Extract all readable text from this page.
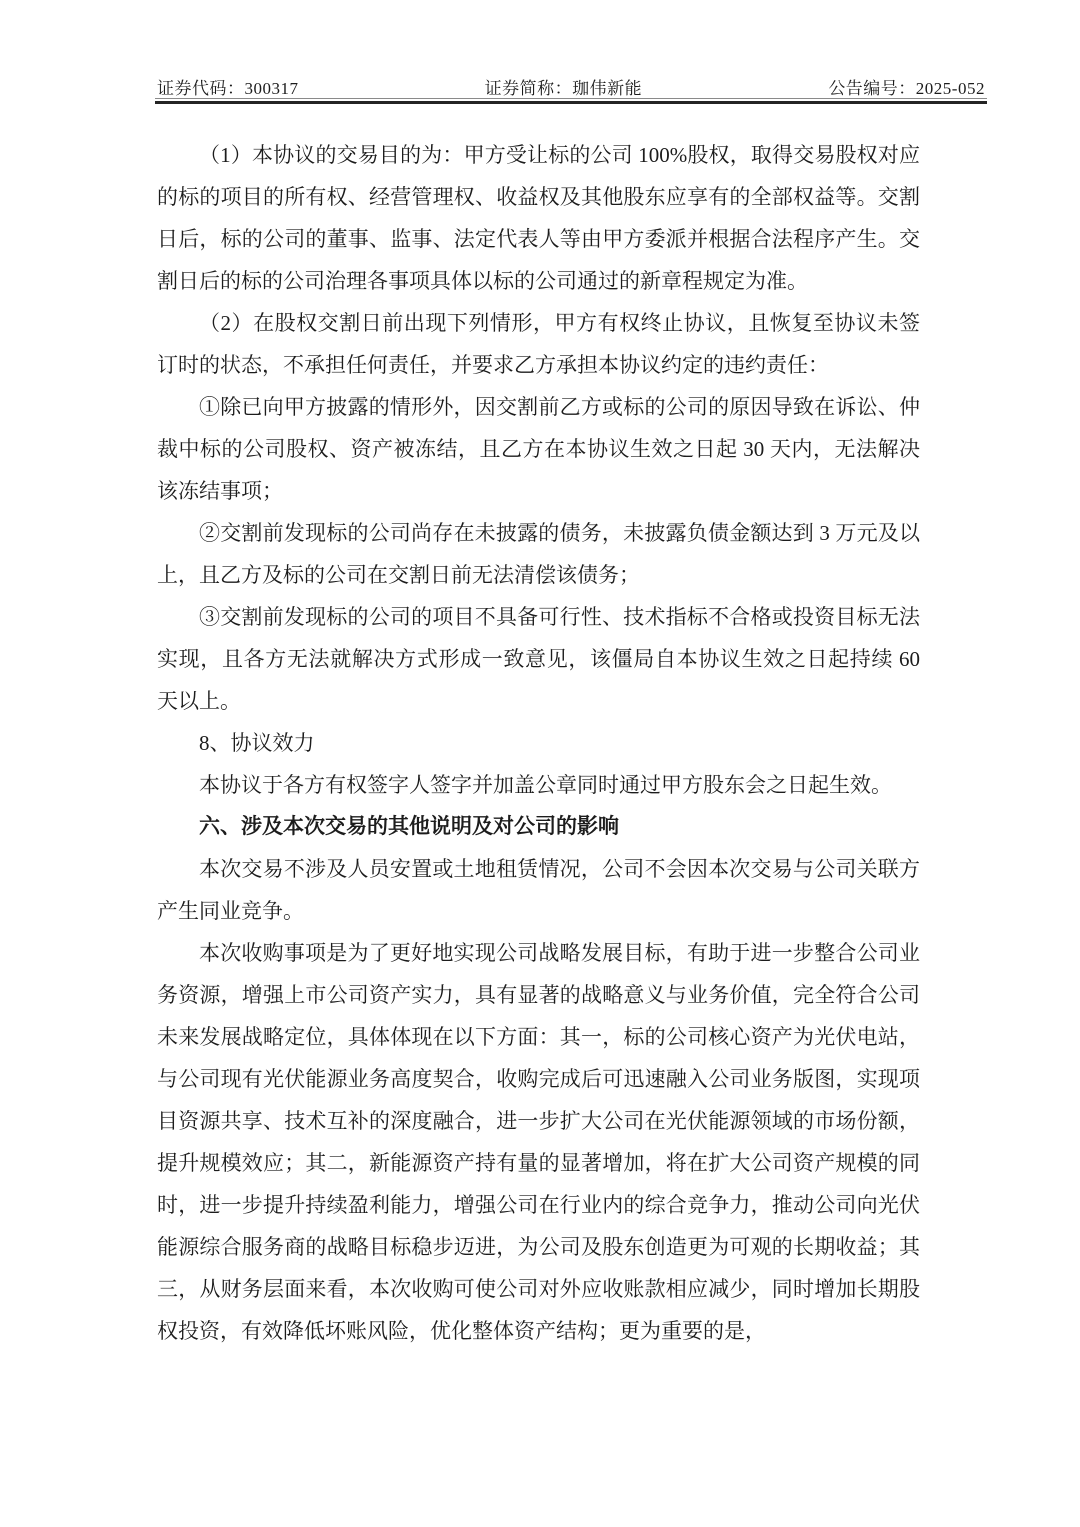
证券代码：300317	证券简称：珈伟新能	公告编号：2025-052

（1）本协议的交易目的为：甲方受让标的公司 100%股权，取得交易股权对应的标的项目的所有权、经营管理权、收益权及其他股东应享有的全部权益等。交割日后，标的公司的董事、监事、法定代表人等由甲方委派并根据合法程序产生。交割日后的标的公司治理各事项具体以标的公司通过的新章程规定为准。

（2）在股权交割日前出现下列情形，甲方有权终止协议，且恢复至协议未签订时的状态，不承担任何责任，并要求乙方承担本协议约定的违约责任：

①除已向甲方披露的情形外，因交割前乙方或标的公司的原因导致在诉讼、仲裁中标的公司股权、资产被冻结，且乙方在本协议生效之日起 30 天内，无法解决该冻结事项；

②交割前发现标的公司尚存在未披露的债务，未披露负债金额达到 3 万元及以上，且乙方及标的公司在交割日前无法清偿该债务；

③交割前发现标的公司的项目不具备可行性、技术指标不合格或投资目标无法实现，且各方无法就解决方式形成一致意见，该僵局自本协议生效之日起持续 60 天以上。

8、协议效力

本协议于各方有权签字人签字并加盖公章同时通过甲方股东会之日起生效。

六、涉及本次交易的其他说明及对公司的影响

本次交易不涉及人员安置或土地租赁情况，公司不会因本次交易与公司关联方产生同业竞争。

本次收购事项是为了更好地实现公司战略发展目标，有助于进一步整合公司业务资源，增强上市公司资产实力，具有显著的战略意义与业务价值，完全符合公司未来发展战略定位，具体体现在以下方面：其一，标的公司核心资产为光伏电站，与公司现有光伏能源业务高度契合，收购完成后可迅速融入公司业务版图，实现项目资源共享、技术互补的深度融合，进一步扩大公司在光伏能源领域的市场份额，提升规模效应；其二，新能源资产持有量的显著增加，将在扩大公司资产规模的同时，进一步提升持续盈利能力，增强公司在行业内的综合竞争力，推动公司向光伏能源综合服务商的战略目标稳步迈进，为公司及股东创造更为可观的长期收益；其三，从财务层面来看，本次收购可使公司对外应收账款相应减少，同时增加长期股权投资，有效降低坏账风险，优化整体资产结构；更为重要的是，
